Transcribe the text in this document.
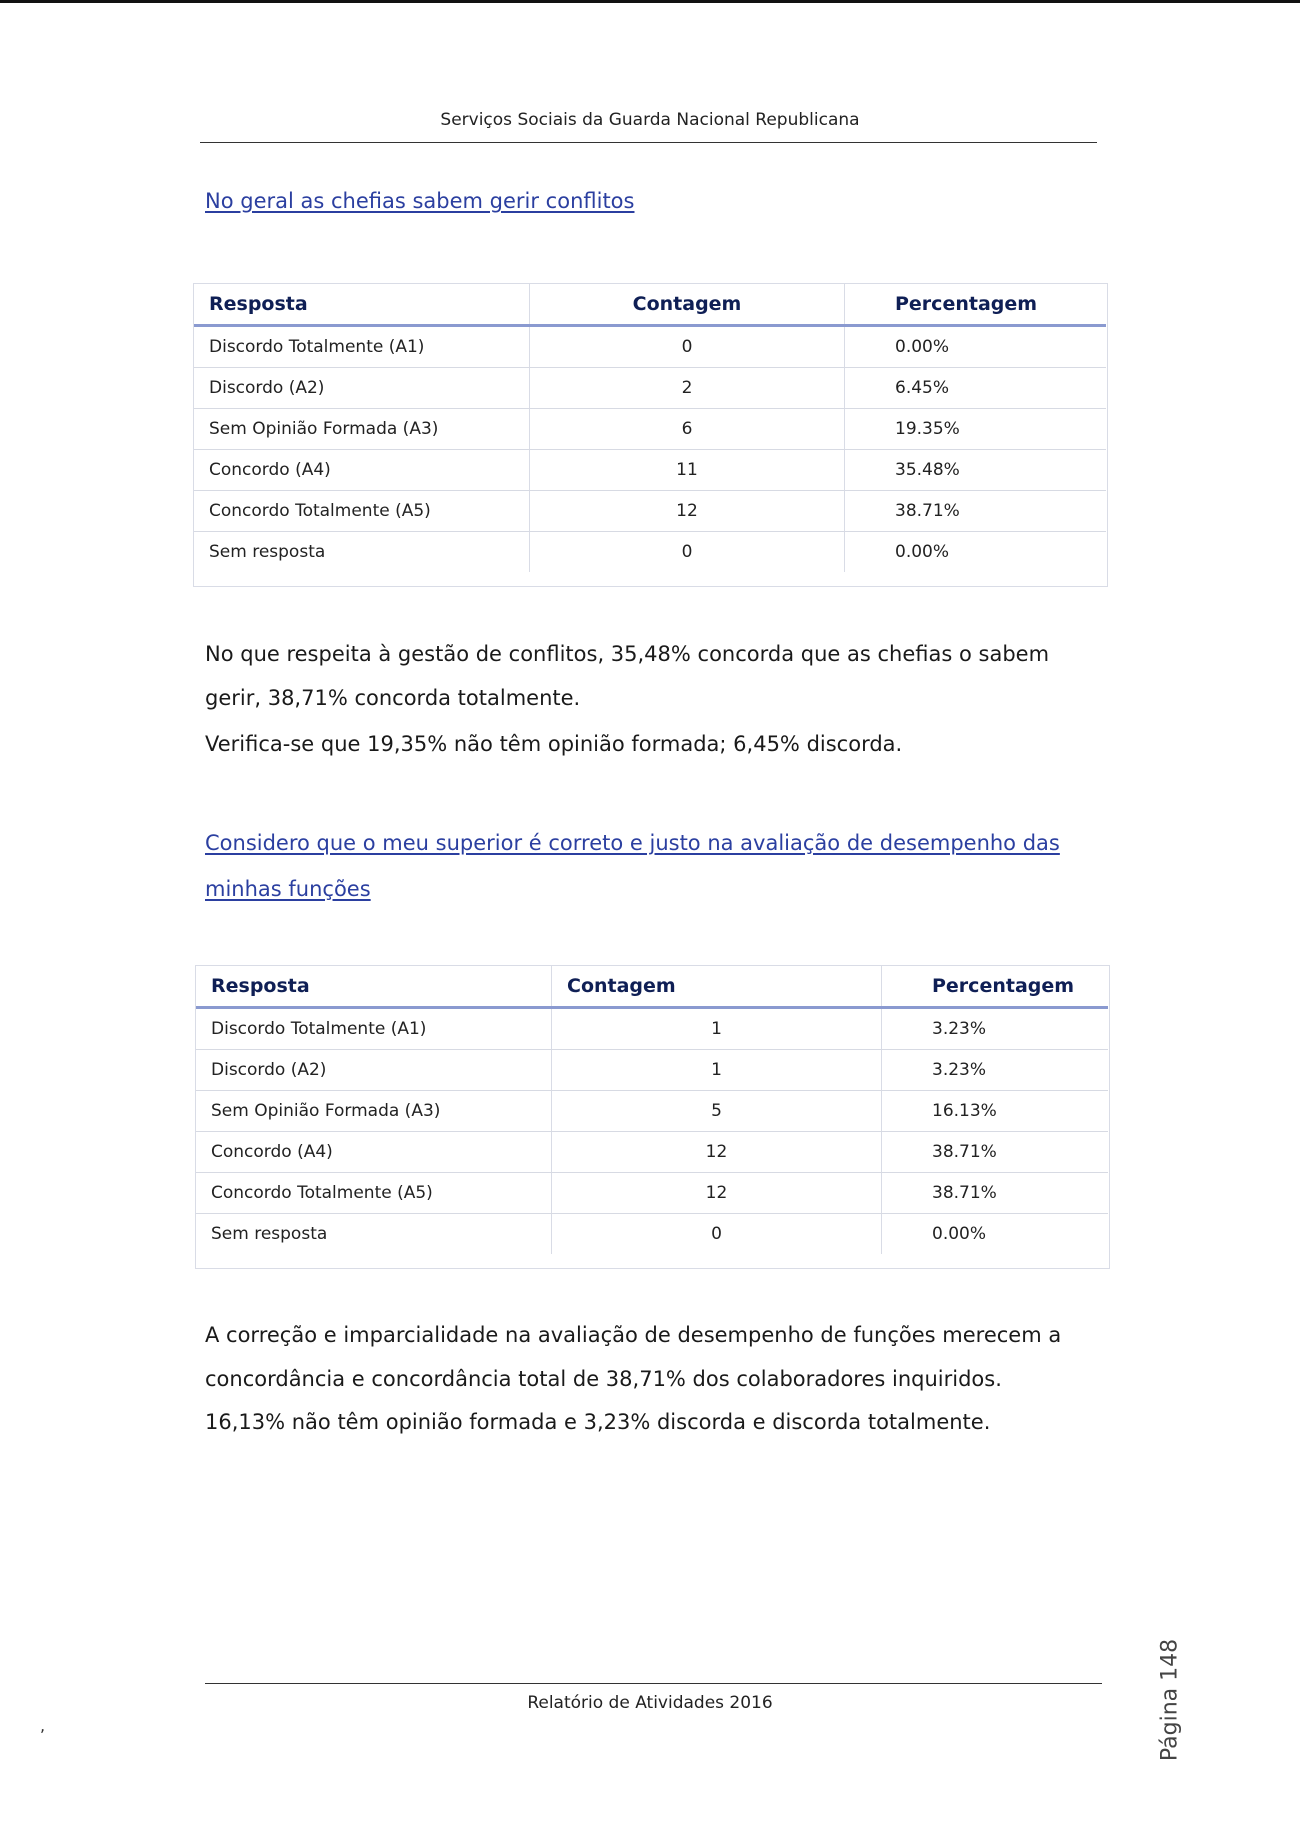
Serviços Sociais da Guarda Nacional Republicana
No geral as chefias sabem gerir conflitos
Resposta	Contagem	Percentagem
Discordo Totalmente (A1)	0	0.00%
Discordo (A2)	2	6.45%
Sem Opinião Formada (A3)	6	19.35%
Concordo (A4)	11	35.48%
Concordo Totalmente (A5)	12	38.71%
Sem resposta	0	0.00%
No que respeita à gestão de conflitos, 35,48% concorda que as chefias o sabem gerir, 38,71% concorda totalmente.
Verifica-se que 19,35% não têm opinião formada; 6,45% discorda.
Considero que o meu superior é correto e justo na avaliação de desempenho das minhas funções
Resposta	Contagem	Percentagem
Discordo Totalmente (A1)	1	3.23%
Discordo (A2)	1	3.23%
Sem Opinião Formada (A3)	5	16.13%
Concordo (A4)	12	38.71%
Concordo Totalmente (A5)	12	38.71%
Sem resposta	0	0.00%
A correção e imparcialidade na avaliação de desempenho de funções merecem a concordância e concordância total de 38,71% dos colaboradores inquiridos.
16,13% não têm opinião formada e 3,23% discorda e discorda totalmente.
Página 148
Relatório de Atividades 2016
,
